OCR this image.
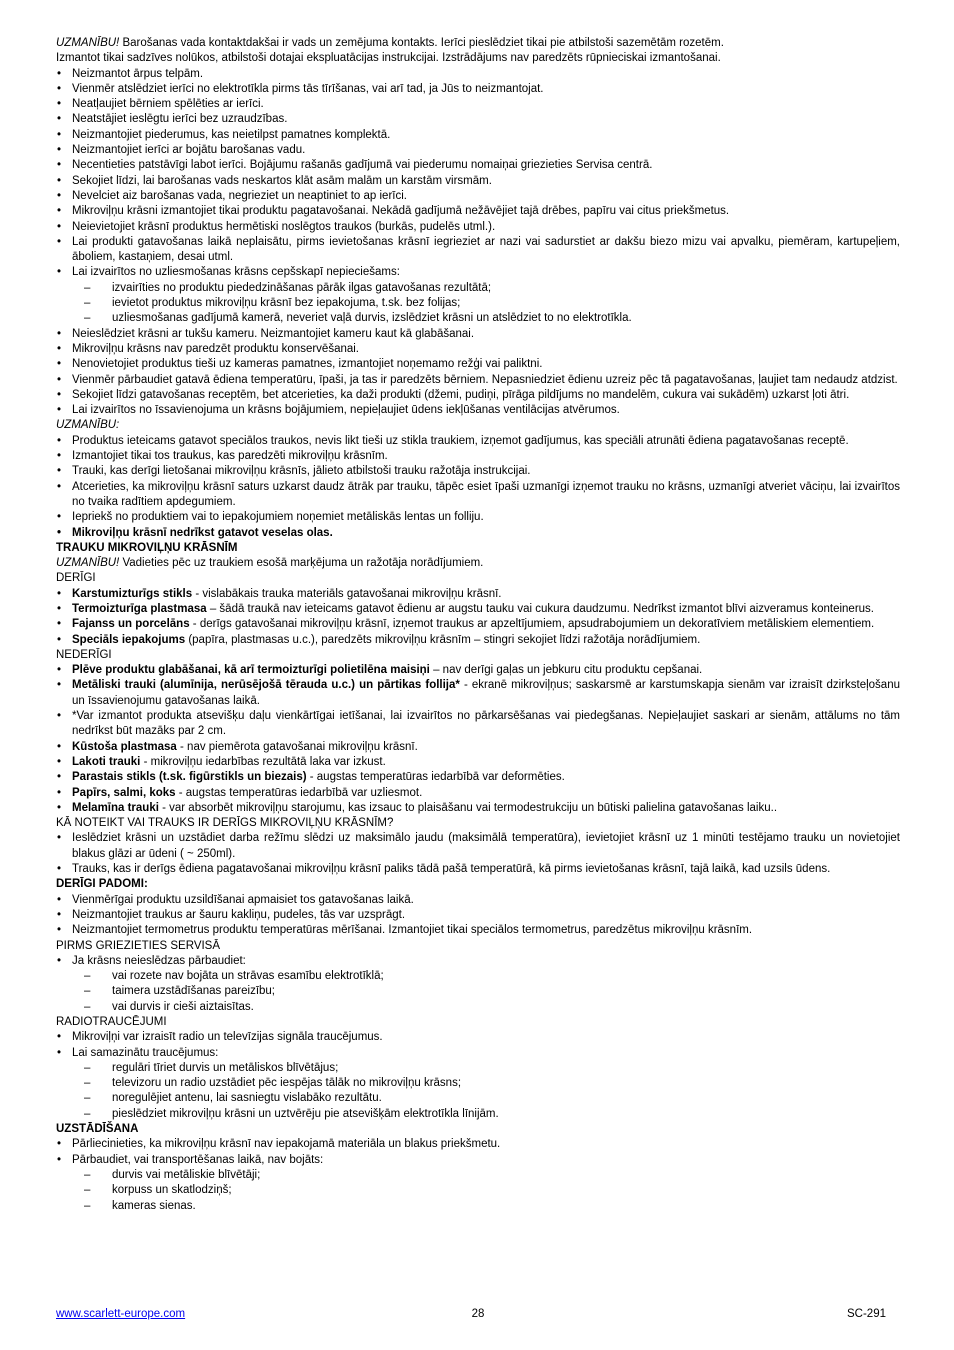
UZMANĪBU! Barošanas vada kontaktdakšai ir vads un zemējuma kontakts. Ierīci pieslēdziet tikai pie atbilstoši sazemētām rozetēm.

Izmantot tikai sadzīves nolūkos, atbilstoši dotajai ekspluatācijas instrukcijai. Izstrādājums nav paredzēts rūpnieciskai izmantošanai.

• Neizmantot ārpus telpām.
• Vienmēr atslēdziet ierīci no elektrotīkla pirms tās tīrīšanas, vai arī tad, ja Jūs to neizmantojat.
• Neatļaujiet bērniem spēlēties ar ierīci.
• Neatstājiet ieslēgtu ierīci bez uzraudzības.
• Neizmantojiet piederumus, kas neietilpst pamatnes komplektā.
• Neizmantojiet ierīci ar bojātu barošanas vadu.
• Necentieties patstāvīgi labot ierīci. Bojājumu rašanās gadījumā vai piederumu nomaiņai griezieties Servisa centrā.
• Sekojiet līdzi, lai barošanas vads neskartos klāt asām malām un karstām virsmām.
• Nevelciet aiz barošanas vada, negrieziet un neaptiniet to ap ierīci.
• Mikroviļņu krāsni izmantojiet tikai produktu pagatavošanai. Nekādā gadījumā nežāvējiet tajā drēbes, papīru vai citus priekšmetus.
• Neievietojiet krāsnī produktus hermētiski noslēgtos traukos (burkās, pudelēs utml.).
• Lai produkti gatavošanas laikā neplaisātu, pirms ievietošanas krāsnī iegrieziet ar nazi vai sadurstiet ar dakšu biezo mizu vai apvalku, piemēram, kartupeļiem, āboliem, kastaņiem, desai utml.
• Lai izvairītos no uzliesmošanas krāsns cepšskapī nepieciešams:
– izvairīties no produktu piededzināšanas pārāk ilgas gatavošanas rezultātā;
– ievietot produktus mikroviļņu krāsnī bez iepakojuma, t.sk. bez folijas;
– uzliesmošanas gadījumā kamerā, neveriet vaļā durvis, izslēdziet krāsni un atslēdziet to no elektrotīkla.
• Neieslēdziet krāsni ar tukšu kameru. Neizmantojiet kameru kaut kā glabāšanai.
• Mikroviļņu krāsns nav paredzēt produktu konservēšanai.
• Nenovietojiet produktus tieši uz kameras pamatnes, izmantojiet noņemamo režģi vai paliktni.
• Vienmēr pārbaudiet gatavā ēdiena temperatūru, īpaši, ja tas ir paredzēts bērniem. Nepasniedziet ēdienu uzreiz pēc tā pagatavošanas, ļaujiet tam nedaudz atdzist.
• Sekojiet līdzi gatavošanas receptēm, bet atcerieties, ka daži produkti (džemi, pudiņi, pīrāga pildījums no mandelēm, cukura vai sukādēm) uzkarst ļoti ātri.
• Lai izvairītos no īssavienojuma un krāsns bojājumiem, nepieļaujiet ūdens iekļūšanas ventilācijas atvērumos.

UZMANĪBU:

• Produktus ieteicams gatavot speciālos traukos, nevis likt tieši uz stikla traukiem, izņemot gadījumus, kas speciāli atrunāti ēdiena pagatavošanas receptē.
• Izmantojiet tikai tos traukus, kas paredzēti mikroviļņu krāsnīm.
• Trauki, kas derīgi lietošanai mikroviļņu krāsnīs, jālieto atbilstoši trauku ražotāja instrukcijai.
• Atcerieties, ka mikroviļņu krāsnī saturs uzkarst daudz ātrāk par trauku, tāpēc esiet īpaši uzmanīgi izņemot trauku no krāsns, uzmanīgi atveriet vāciņu, lai izvairītos no tvaika radītiem apdegumiem.
• Iepriekš no produktiem vai to iepakojumiem noņemiet metāliskās lentas un folliju.
• Mikroviļņu krāsnī nedrīkst gatavot veselas olas.

TRAUKU MIKROVIĻŅU KRĀSNĪM

UZMANĪBU! Vadieties pēc uz traukiem esošā marķējuma un ražotāja norādījumiem.

DERĪGI

• Karstumizturīgs stikls - vislabākais trauka materiāls gatavošanai mikroviļņu krāsnī.
• Termoizturīga plastmasa – šādā traukā nav ieteicams gatavot ēdienu ar augstu tauku vai cukura daudzumu. Nedrīkst izmantot blīvi aizveramus konteinerus.
• Fajanss un porcelāns - derīgs gatavošanai mikroviļņu krāsnī, izņemot traukus ar apzeltījumiem, apsudrabojumiem un dekoratīviem metāliskiem elementiem.
• Speciāls iepakojums (papīra, plastmasas u.c.), paredzēts mikroviļņu krāsnīm – stingri sekojiet līdzi ražotāja norādījumiem.

NEDERĪGI

• Plēve produktu glabāšanai, kā arī termoizturīgi polietilēna maisiņi – nav derīgi gaļas un jebkuru citu produktu cepšanai.
• Metāliski trauki (alumīnija, nerūsējošā tērauda u.c.) un pārtikas follija* - ekranē mikroviļņus; saskarsmē ar karstumskapja sienām var izraisīt dzirksteļošanu un īssavienojumu gatavošanas laikā.
• *Var izmantot produkta atsevišķu daļu vienkārtīgai ietīšanai, lai izvairītos no pārkarsēšanas vai piedegšanas. Nepieļaujiet saskari ar sienām, attālums no tām nedrīkst būt mazāks par 2 cm.
• Kūstoša plastmasa - nav piemērota gatavošanai mikroviļņu krāsnī.
• Lakoti trauki - mikroviļņu iedarbības rezultātā laka var izkust.
• Parastais stikls (t.sk. figūrstikls un biezais) - augstas temperatūras iedarbībā var deformēties.
• Papīrs, salmi, koks - augstas temperatūras iedarbībā var uzliesmot.
• Melamīna trauki - var absorbēt mikroviļņu starojumu, kas izsauc to plaisāšanu vai termodestrukciju un būtiski palielina gatavošanas laiku..

KĀ NOTEIKT VAI TRAUKS IR DERĪGS MIKROVIĻŅU KRĀSNĪM?

• Ieslēdziet krāsni un uzstādiet darba režīmu slēdzi uz maksimālo jaudu (maksimālā temperatūra), ievietojiet krāsnī uz 1 minūti testējamo trauku un novietojiet blakus glāzi ar ūdeni ( ~ 250ml).
• Trauks, kas ir derīgs ēdiena pagatavošanai mikroviļņu krāsnī paliks tādā pašā temperatūrā, kā pirms ievietošanas krāsnī, tajā laikā, kad uzsils ūdens.

DERĪGI PADOMI:

• Vienmērīgai produktu uzsildīšanai apmaisiet tos gatavošanas laikā.
• Neizmantojiet traukus ar šauru kakliņu, pudeles, tās var uzsprāgt.
• Neizmantojiet termometrus produktu temperatūras mērīšanai. Izmantojiet tikai speciālos termometrus, paredzētus mikroviļņu krāsnīm.

PIRMS GRIEZIETIES SERVISĀ

• Ja krāsns neieslēdzas pārbaudiet:
– vai rozete nav bojāta un strāvas esamību elektrotīklā;
– taimera uzstādīšanas pareizību;
– vai durvis ir cieši aiztaisītas.

RADIOTRAUCĒJUMI

• Mikroviļņi var izraisīt radio un televīzijas signāla traucējumus.
• Lai samazinātu traucējumus:
– regulāri tīriet durvis un metāliskos blīvētājus;
– televizoru un radio uzstādiet pēc iespējas tālāk no mikroviļņu krāsns;
– noregulējiet antenu, lai sasniegtu vislabāko rezultātu.
– pieslēdziet mikroviļņu krāsni un uztvērēju pie atsevišķām elektrotīkla līnijām.

UZSTĀDĪŠANA

• Pārliecinieties, ka mikroviļņu krāsnī nav iepakojamā materiāla un blakus priekšmetu.
• Pārbaudiet, vai transportēšanas laikā, nav bojāts:
– durvis vai metāliskie blīvētāji;
– korpuss un skatlodziņš;
– kameras sienas.
www.scarlett-europe.com	28	SC-291
